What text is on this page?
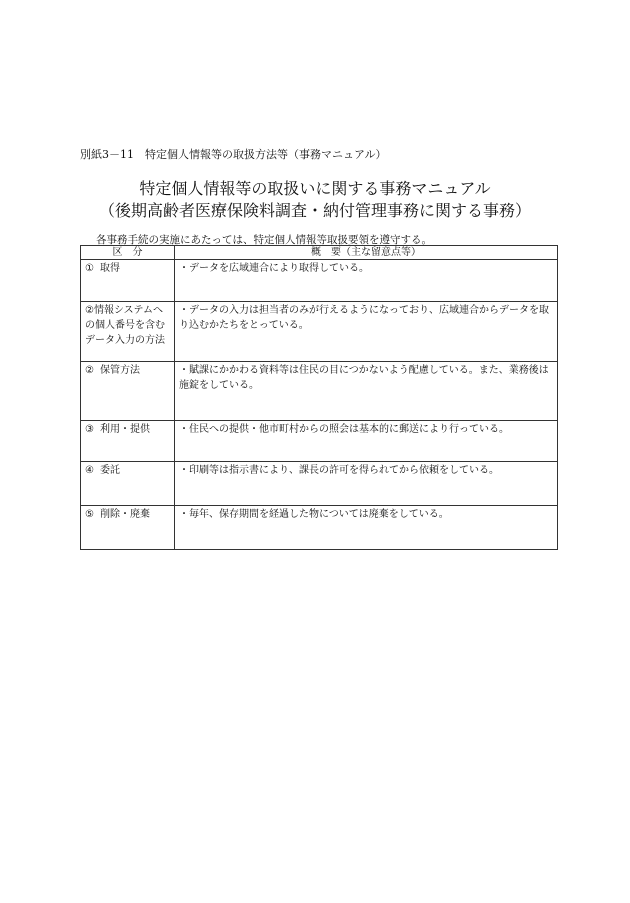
別紙3－11　特定個人情報等の取扱方法等（事務マニュアル）
特定個人情報等の取扱いに関する事務マニュアル
（後期高齢者医療保険料調査・納付管理事務に関する事務）
各事務手続の実施にあたっては、特定個人情報等取扱要領を遵守する。
区　分	概　要（主な留意点等）
① 取得	・データを広域連合により取得している。
②情報システムへの個人番号を含むデータ入力の方法	・データの入力は担当者のみが行えるようになっており、広域連合からデータを取り込むかたちをとっている。
② 保管方法	・賦課にかかわる資料等は住民の目につかないよう配慮している。また、業務後は施錠をしている。
③ 利用・提供	・住民への提供・他市町村からの照会は基本的に郵送により行っている。
④ 委託	・印刷等は指示書により、課長の許可を得られてから依頼をしている。
⑤ 削除・廃棄	・毎年、保存期間を経過した物については廃棄をしている。
